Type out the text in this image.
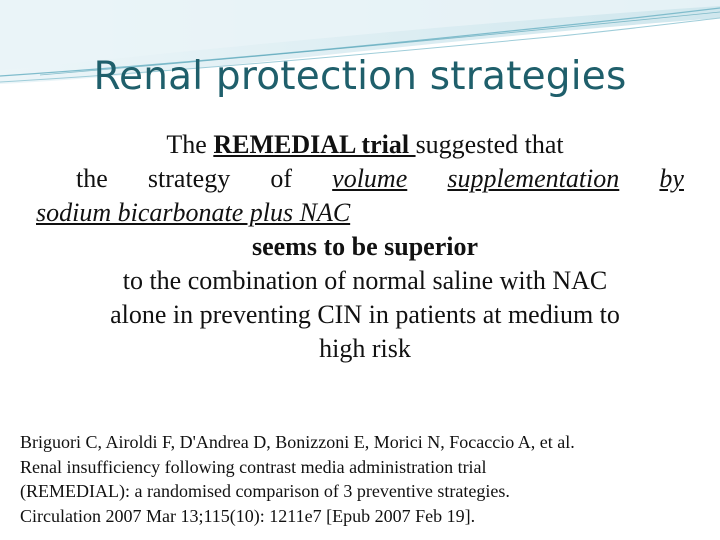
Renal protection strategies
The REMEDIAL trial suggested that
the strategy of volume supplementation by
sodium bicarbonate plus NAC
seems to be superior
to the combination of normal saline with NAC
alone in preventing CIN in patients at medium to
high risk
Briguori C, Airoldi F, D'Andrea D, Bonizzoni E, Morici N, Focaccio A, et al.
Renal insufficiency following contrast media administration trial
(REMEDIAL): a randomised comparison of 3 preventive strategies.
Circulation 2007 Mar 13;115(10): 1211e7 [Epub 2007 Feb 19].
